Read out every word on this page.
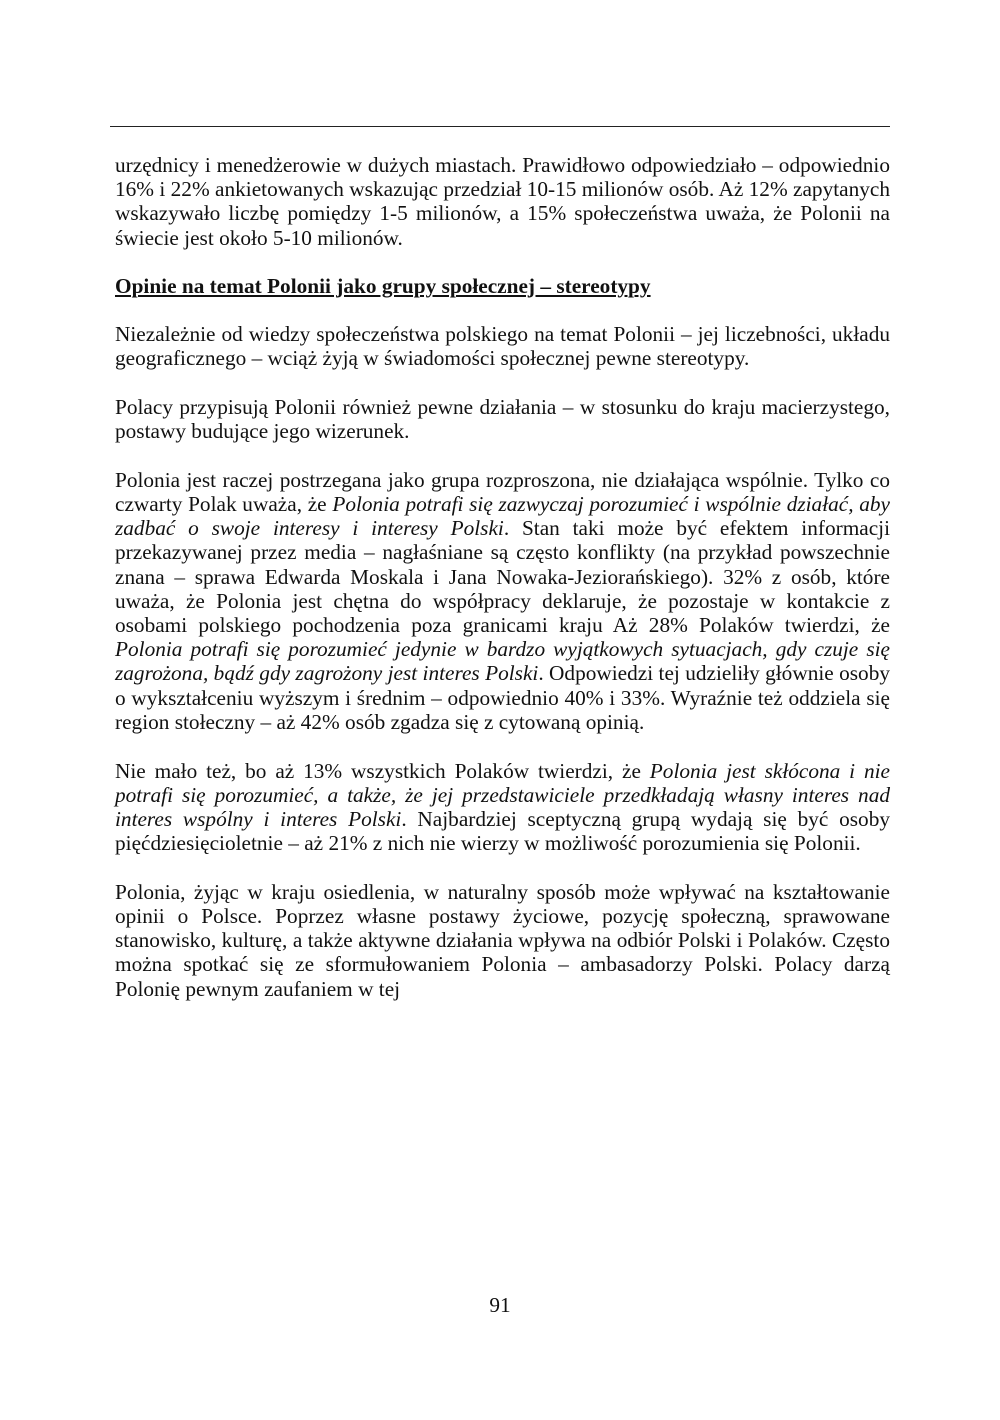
urzędnicy i menedżerowie w dużych miastach. Prawidłowo odpowiedziało – odpowiednio 16% i 22% ankietowanych wskazując przedział 10-15 milionów osób. Aż 12% zapytanych wskazywało liczbę pomiędzy 1-5 milionów, a 15% społeczeństwa uważa, że Polonii na świecie jest około 5-10 milionów.

Opinie na temat Polonii jako grupy społecznej – stereotypy

Niezależnie od wiedzy społeczeństwa polskiego na temat Polonii – jej liczebności, układu geograficznego – wciąż żyją w świadomości społecznej pewne stereotypy.

Polacy przypisują Polonii również pewne działania – w stosunku do kraju macierzystego, postawy budujące jego wizerunek.

Polonia jest raczej postrzegana jako grupa rozproszona, nie działająca wspólnie. Tylko co czwarty Polak uważa, że Polonia potrafi się zazwyczaj porozumieć i wspólnie działać, aby zadbać o swoje interesy i interesy Polski. Stan taki może być efektem informacji przekazywanej przez media – nagłaśniane są często konflikty (na przykład powszechnie znana – sprawa Edwarda Moskala i Jana Nowaka-Jeziorańskiego). 32% z osób, które uważa, że Polonia jest chętna do współpracy deklaruje, że pozostaje w kontakcie z osobami polskiego pochodzenia poza granicami kraju Aż 28% Polaków twierdzi, że Polonia potrafi się porozumieć jedynie w bardzo wyjątkowych sytuacjach, gdy czuje się zagrożona, bądź gdy zagrożony jest interes Polski. Odpowiedzi tej udzieliły głównie osoby o wykształceniu wyższym i średnim – odpowiednio 40% i 33%. Wyraźnie też oddziela się region stołeczny – aż 42% osób zgadza się z cytowaną opinią.

Nie mało też, bo aż 13% wszystkich Polaków twierdzi, że Polonia jest skłócona i nie potrafi się porozumieć, a także, że jej przedstawiciele przedkładają własny interes nad interes wspólny i interes Polski. Najbardziej sceptyczną grupą wydają się być osoby pięćdziesięcioletnie – aż 21% z nich nie wierzy w możliwość porozumienia się Polonii.

Polonia, żyjąc w kraju osiedlenia, w naturalny sposób może wpływać na kształtowanie opinii o Polsce. Poprzez własne postawy życiowe, pozycję społeczną, sprawowane stanowisko, kulturę, a także aktywne działania wpływa na odbiór Polski i Polaków. Często można spotkać się ze sformułowaniem Polonia – ambasadorzy Polski. Polacy darzą Polonię pewnym zaufaniem w tej

91
